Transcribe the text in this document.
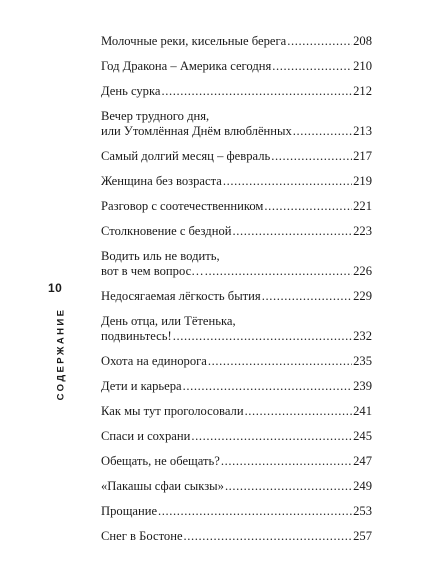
10
СОДЕРЖАНИЕ
Молочные реки, кисельные берега .....	208
Год Дракона – Америка сегодня .....	210
День сурка .....	212
Вечер трудного дня,
или Утомлённая Днём влюблённых .....	213
Самый долгий месяц – февраль .....	217
Женщина без возраста .....	219
Разговор с соотечественником .....	221
Столкновение с бездной .....	223
Водить иль не водить,
вот в чем вопрос… .....	226
Недосягаемая лёгкость бытия .....	229
День отца, или Тётенька,
подвиньтесь! .....	232
Охота на единорога .....	235
Дети и карьера .....	239
Как мы тут проголосовали .....	241
Спаси и сохрани .....	245
Обещать, не обещать? .....	247
«Пакашы сфаи сыкзы» .....	249
Прощание .....	253
Снег в Бостоне .....	257
